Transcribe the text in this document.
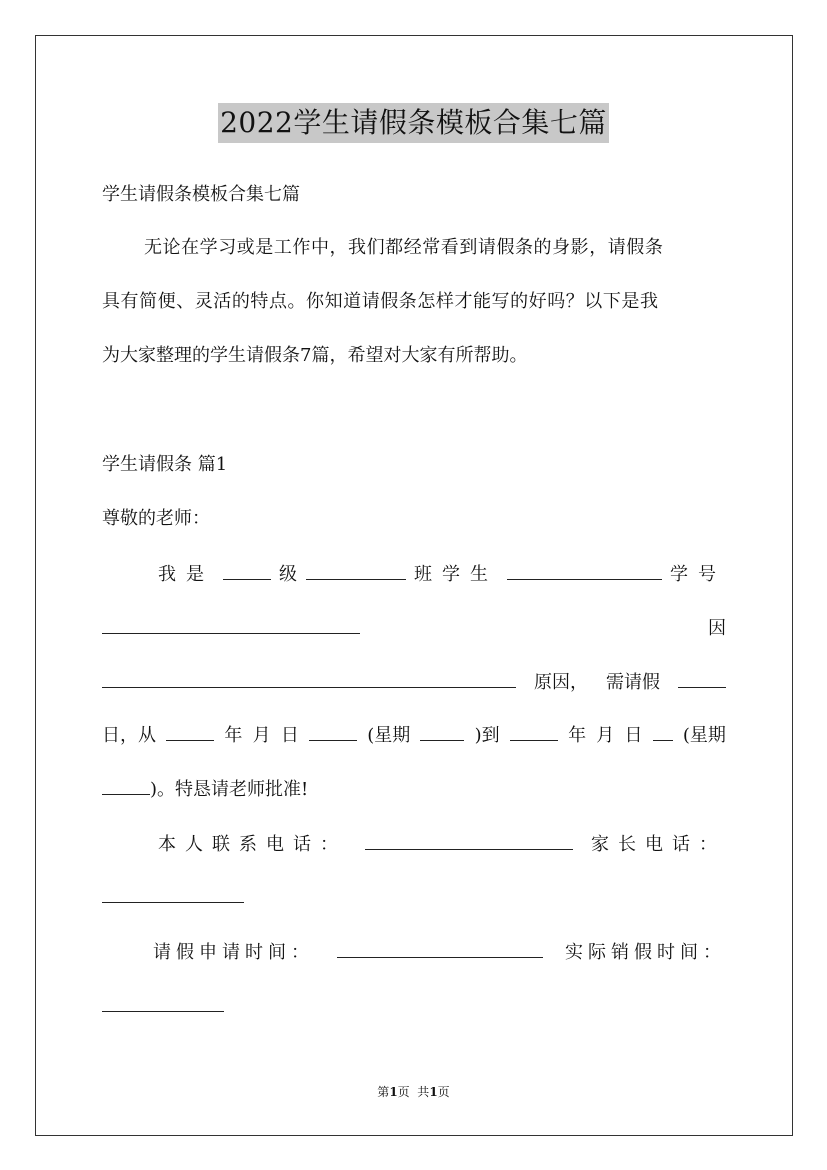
2022学生请假条模板合集七篇
学生请假条模板合集七篇
无论在学习或是工作中，我们都经常看到请假条的身影，请假条
具有简便、灵活的特点。你知道请假条怎样才能写的好吗？以下是我
为大家整理的学生请假条7篇，希望对大家有所帮助。
学生请假条 篇1
尊敬的老师：
我是	级	班学生	学号
因
原因， 需请假
日，从	年 月 日	(星期	)到	年 月 日 (星期
)。特恳请老师批准!
本人联系电话：	家长电话：
请假申请时间：	实际销假时间：
第1页  共1页
